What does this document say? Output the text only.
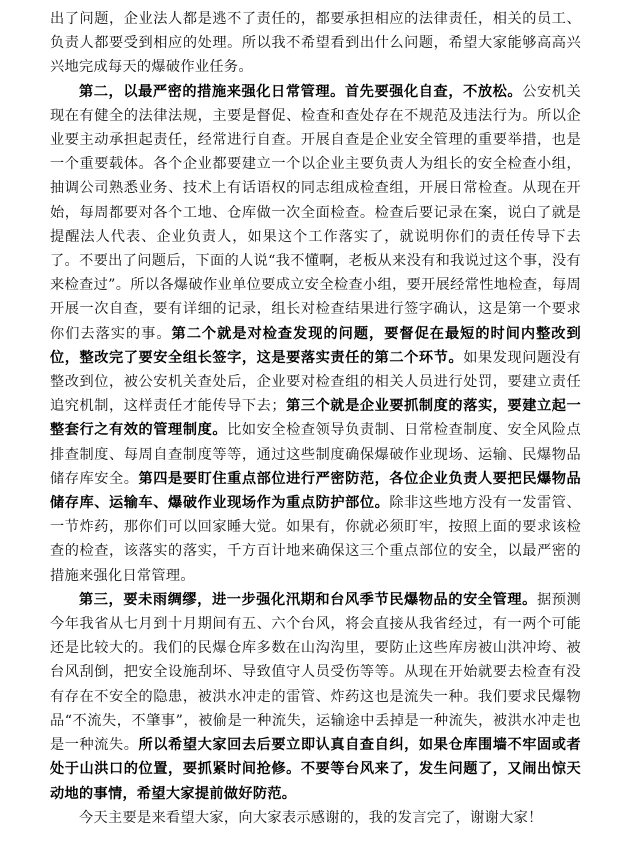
出了问题，企业法人都是逃不了责任的，都要承担相应的法律责任，相关的员工、负责人都要受到相应的处理。所以我不希望看到出什么问题，希望大家能够高高兴兴地完成每天的爆破作业任务。

第二，以最严密的措施来强化日常管理。首先要强化自查，不放松。公安机关现在有健全的法律法规，主要是督促、检查和查处存在不规范及违法行为。所以企业要主动承担起责任，经常进行自查。开展自查是企业安全管理的重要举措，也是一个重要载体。各个企业都要建立一个以企业主要负责人为组长的安全检查小组，抽调公司熟悉业务、技术上有话语权的同志组成检查组，开展日常检查。从现在开始，每周都要对各个工地、仓库做一次全面检查。检查后要记录在案，说白了就是提醒法人代表、企业负责人，如果这个工作落实了，就说明你们的责任传导下去了。不要出了问题后，下面的人说“我不懂啊，老板从来没有和我说过这个事，没有来检查过”。所以各爆破作业单位要成立安全检查小组，要开展经常性地检查，每周开展一次自查，要有详细的记录，组长对检查结果进行签字确认，这是第一个要求你们去落实的事。第二个就是对检查发现的问题，要督促在最短的时间内整改到位，整改完了要安全组长签字，这是要落实责任的第二个环节。如果发现问题没有整改到位，被公安机关查处后，企业要对检查组的相关人员进行处罚，要建立责任追究机制，这样责任才能传导下去；第三个就是企业要抓制度的落实，要建立起一整套行之有效的管理制度。比如安全检查领导负责制、日常检查制度、安全风险点排查制度、每周自查制度等等，通过这些制度确保爆破作业现场、运输、民爆物品储存库安全。第四是要盯住重点部位进行严密防范，各位企业负责人要把民爆物品储存库、运输车、爆破作业现场作为重点防护部位。除非这些地方没有一发雷管、一节炸药，那你们可以回家睡大觉。如果有，你就必须盯牢，按照上面的要求该检查的检查，该落实的落实，千方百计地来确保这三个重点部位的安全，以最严密的措施来强化日常管理。

第三，要未雨绸缪，进一步强化汛期和台风季节民爆物品的安全管理。据预测今年我省从七月到十月期间有五、六个台风，将会直接从我省经过，有一两个可能还是比较大的。我们的民爆仓库多数在山沟沟里，要防止这些库房被山洪冲垮、被台风刮倒，把安全设施刮坏、导致值守人员受伤等等。从现在开始就要去检查有没有存在不安全的隐患，被洪水冲走的雷管、炸药这也是流失一种。我们要求民爆物品“不流失，不肇事”，被偷是一种流失，运输途中丢掉是一种流失，被洪水冲走也是一种流失。所以希望大家回去后要立即认真自查自纠，如果仓库围墙不牢固或者处于山洪口的位置，要抓紧时间抢修。不要等台风来了，发生问题了，又闹出惊天动地的事情，希望大家提前做好防范。

今天主要是来看望大家，向大家表示感谢的，我的发言完了，谢谢大家！
